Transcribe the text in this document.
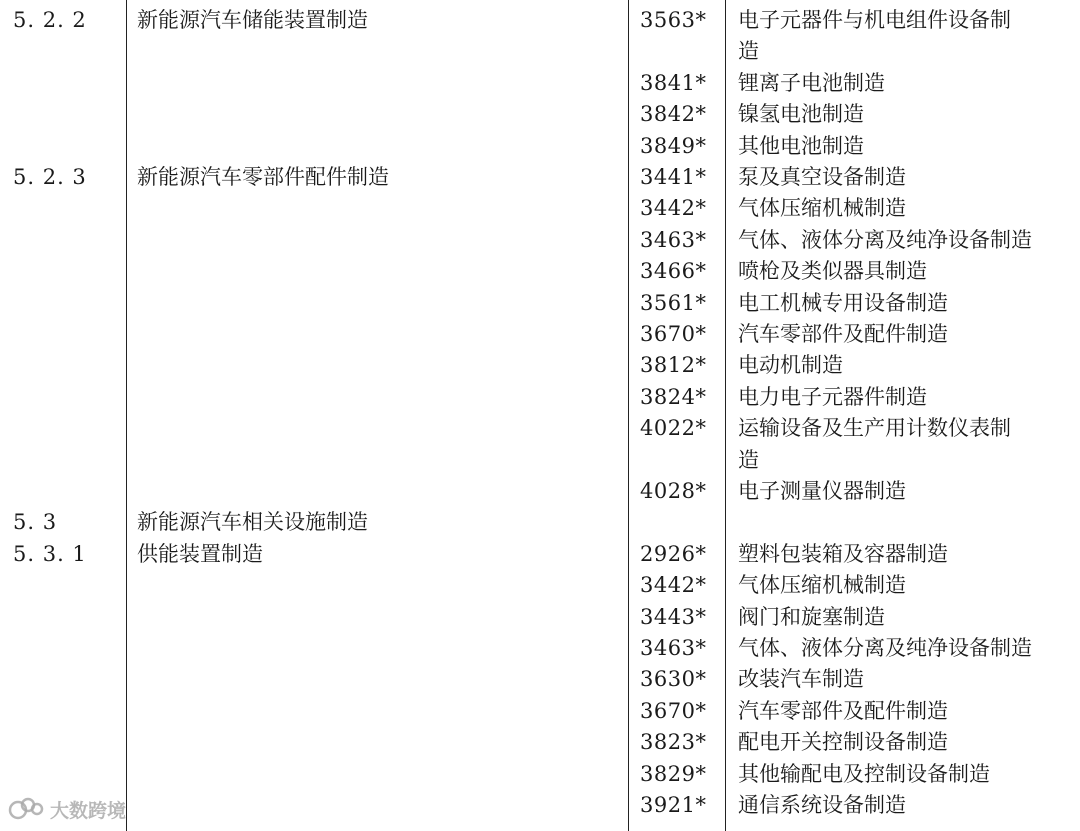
5. 2. 2 新能源汽车储能装置制造	3563* 电子元器件与机电组件设备制
造
3841* 锂离子电池制造
3842* 镍氢电池制造
3849* 其他电池制造
5. 2. 3 新能源汽车零部件配件制造	3441* 泵及真空设备制造
3442* 气体压缩机械制造
3463* 气体、液体分离及纯净设备制造
3466* 喷枪及类似器具制造
3561* 电工机械专用设备制造
3670* 汽车零部件及配件制造
3812* 电动机制造
3824* 电力电子元器件制造
4022* 运输设备及生产用计数仪表制
造
4028* 电子测量仪器制造
5. 3	新能源汽车相关设施制造
5. 3. 1 供能装置制造	2926* 塑料包装箱及容器制造
3442* 气体压缩机械制造
3443* 阀门和旋塞制造
3463* 气体、液体分离及纯净设备制造
3630* 改装汽车制造
3670* 汽车零部件及配件制造
3823* 配电开关控制设备制造
3829* 其他输配电及控制设备制造
3921* 通信系统设备制造
大数跨境
